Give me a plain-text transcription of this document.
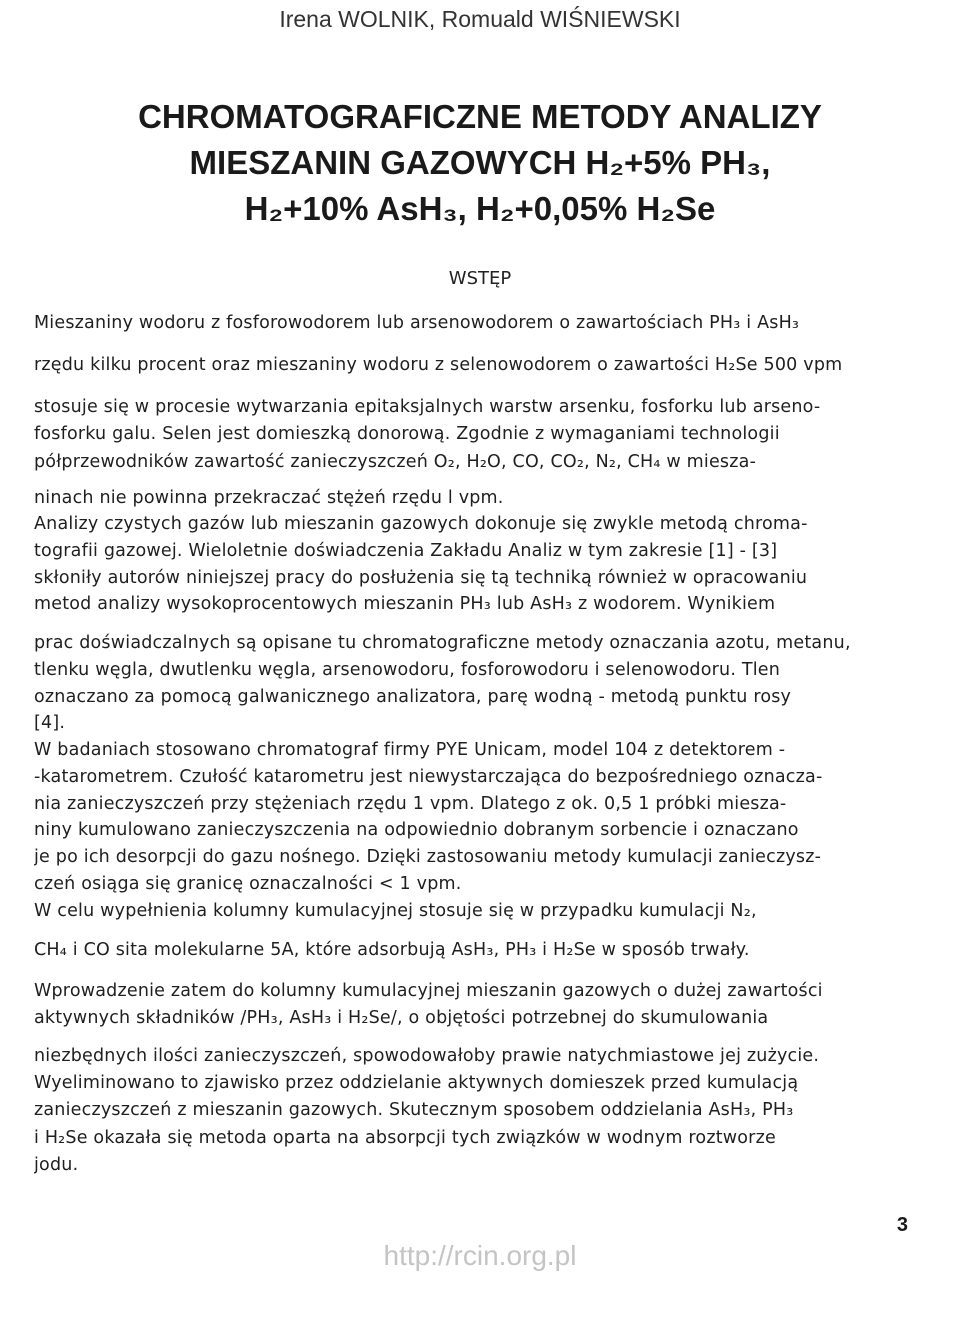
Irena WOLNIK, Romuald WIŚNIEWSKI
CHROMATOGRAFICZNE METODY ANALIZY
MIESZANIN GAZOWYCH H₂+5% PH₃,
H₂+10% AsH₃, H₂+0,05% H₂Se
WSTĘP
Mieszaniny wodoru z fosforowodorem lub arsenowodorem o zawartościach PH₃ i AsH₃
rzędu kilku procent oraz mieszaniny wodoru z selenowodorem o zawartości H₂Se 500 vpm
stosuje się w procesie wytwarzania epitaksjalnych warstw arsenku, fosforku lub arseno-
fosforku galu. Selen jest domieszką donorową. Zgodnie z wymaganiami technologii
półprzewodników zawartość zanieczyszczeń O₂, H₂O, CO, CO₂, N₂, CH₄ w miesza-
ninach nie powinna przekraczać stężeń rzędu l vpm.
Analizy czystych gazów lub mieszanin gazowych dokonuje się zwykle metodą chroma-
tografii gazowej. Wieloletnie doświadczenia Zakładu Analiz w tym zakresie [1] - [3]
skłoniły autorów niniejszej pracy do posłużenia się tą techniką również w opracowaniu
metod analizy wysokoprocentowych mieszanin PH₃ lub AsH₃ z wodorem. Wynikiem
prac doświadczalnych są opisane tu chromatograficzne metody oznaczania azotu, metanu,
tlenku węgla, dwutlenku węgla, arsenowodoru, fosforowodoru i selenowodoru. Tlen
oznaczano za pomocą galwanicznego analizatora, parę wodną - metodą punktu rosy
[4].
W badaniach stosowano chromatograf firmy PYE Unicam, model 104 z detektorem -
-katarometrem. Czułość katarometru jest niewystarczająca do bezpośredniego oznacza-
nia zanieczyszczeń przy stężeniach rzędu 1 vpm. Dlatego z ok. 0,5 1 próbki miesza-
niny kumulowano zanieczyszczenia na odpowiednio dobranym sorbencie i oznaczano
je po ich desorpcji do gazu nośnego. Dzięki zastosowaniu metody kumulacji zanieczysz-
czeń osiąga się granicę oznaczalności < 1 vpm.
W celu wypełnienia kolumny kumulacyjnej stosuje się w przypadku kumulacji N₂,
CH₄ i CO sita molekularne 5A, które adsorbują AsH₃, PH₃ i H₂Se w sposób trwały.
Wprowadzenie zatem do kolumny kumulacyjnej mieszanin gazowych o dużej zawartości
aktywnych składników /PH₃, AsH₃ i H₂Se/, o objętości potrzebnej do skumulowania
niezbędnych ilości zanieczyszczeń, spowodowałoby prawie natychmiastowe jej zużycie.
Wyeliminowano to zjawisko przez oddzielanie aktywnych domieszek przed kumulacją
zanieczyszczeń z mieszanin gazowych. Skutecznym sposobem oddzielania AsH₃, PH₃
i H₂Se okazała się metoda oparta na absorpcji tych związków w wodnym roztworze
jodu.
3
http://rcin.org.pl
